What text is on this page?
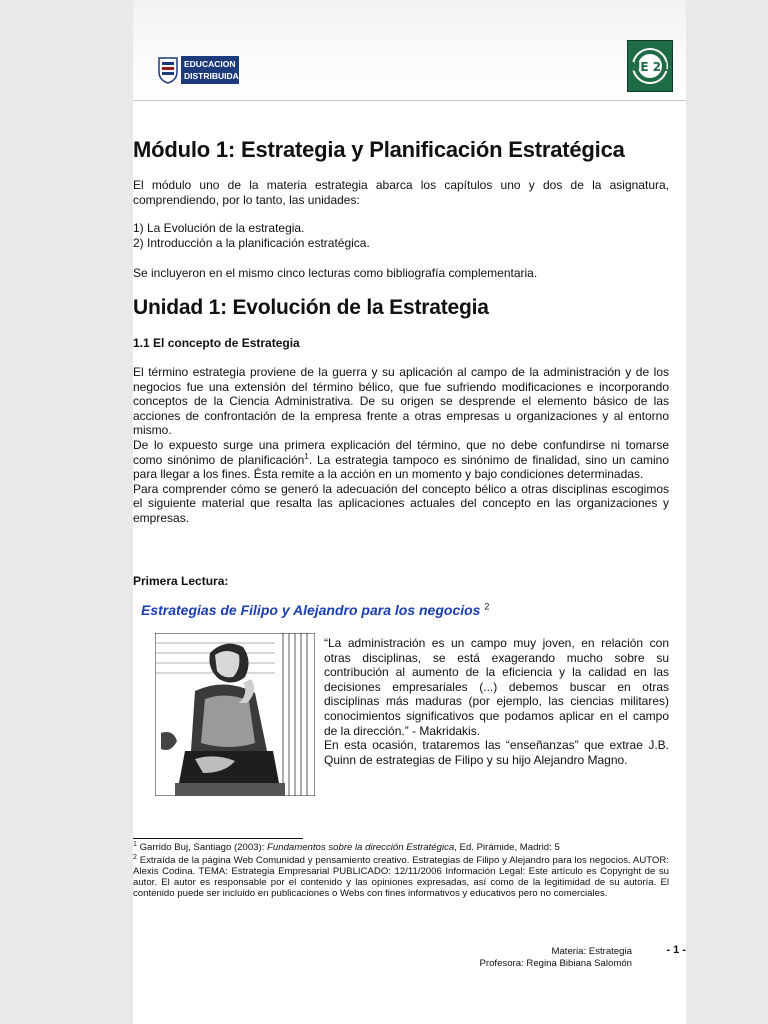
EDUCACION DISTRIBUIDA
UE 21
Módulo 1: Estrategia y Planificación Estratégica

El módulo uno de la materia estrategia abarca los capítulos uno y dos de la asignatura, comprendiendo, por lo tanto, las unidades:

1) La Evolución de la estrategia.

2) Introducción a la planificación estratégica.

Se incluyeron en el mismo cinco lecturas como bibliografía complementaria.

Unidad 1: Evolución de la Estrategia

1.1 El concepto de Estrategia

El término estrategia proviene de la guerra y su aplicación al campo de la administración y de los negocios fue una extensión del término bélico, que fue sufriendo modificaciones e incorporando conceptos de la Ciencia Administrativa. De su origen se desprende el elemento básico de las acciones de confrontación de la empresa frente a otras empresas u organizaciones y al entorno mismo.

De lo expuesto surge una primera explicación del término, que no debe confundirse ni tomarse como sinónimo de planificación$^1$. La estrategia tampoco es sinónimo de finalidad, sino un camino para llegar a los fines. Ésta remite a la acción en un momento y bajo condiciones determinadas.

Para comprender cómo se generó la adecuación del concepto bélico a otras disciplinas escogimos el siguiente material que resalta las aplicaciones actuales del concepto en las organizaciones y empresas.

Primera Lectura:

Estrategias de Filipo y Alejandro para los negocios $^2$

“La administración es un campo muy joven, en relación con otras disciplinas, se está exagerando mucho sobre su contribución al aumento de la eficiencia y la calidad en las decisiones empresariales (...) debemos buscar en otras disciplinas más maduras (por ejemplo, las ciencias militares) conocimientos significativos que podamos aplicar en el campo de la dirección.” - Makridakis.

En esta ocasión, trataremos las “enseñanzas” que extrae J.B. Quinn de estrategias de Filipo y su hijo Alejandro Magno.

$^1$ Garrido Buj, Santiago (2003): Fundamentos sobre la dirección Estratégica, Ed. Pirámide, Madrid: 5
$^2$ Extraída de la página Web Comunidad y pensamiento creativo. Estrategias de Filipo y Alejandro para los negocios. AUTOR: Alexis Codina. TEMA: Estrategia Empresarial PUBLICADO: 12/11/2006 Información Legal: Este artículo es Copyright de su autor. El autor es responsable por el contenido y las opiniones expresadas, así como de la legitimidad de su autoría. El contenido puede ser incluido en publicaciones o Webs con fines informativos y educativos pero no comerciales.
Materia: Estrategia
Profesora: Regina Bibiana Salomón
- 1 -
